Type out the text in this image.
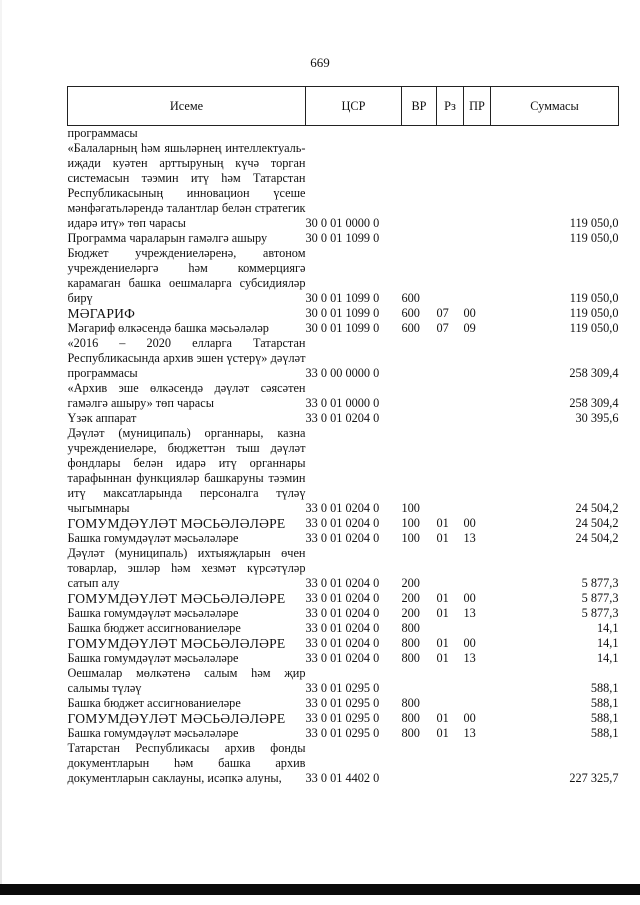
669
Исеме	ЦСР	ВР	Рз	ПР	Суммасы
программасы					
«Балаларның һәм яшьләрнең интеллектуаль-иҗади куәтен арттыруның күчә торган системасын тәэмин итү һәм Татарстан Республикасының инновацион үсеше мәнфәгатьләрендә талантлар белән стратегик идарә итү» төп чарасы	30 0 01 0000 0				119 050,0
Программа чараларын гамәлгә ашыру	30 0 01 1099 0				119 050,0
Бюджет учреждениеләренә, автоном учреждениеләргә һәм коммерциягә карамаган башка оешмаларга субсидияләр бирү	30 0 01 1099 0	600			119 050,0
МӘГАРИФ	30 0 01 1099 0	600	07	00	119 050,0
Мәгариф өлкәсендә башка мәсьәләләр	30 0 01 1099 0	600	07	09	119 050,0
«2016 – 2020 елларга Татарстан Республикасында архив эшен үстерү» дәүләт программасы	33 0 00 0000 0				258 309,4
«Архив эше өлкәсендә дәүләт сәясәтен гамәлгә ашыру» төп чарасы	33 0 01 0000 0				258 309,4
Үзәк аппарат	33 0 01 0204 0				30 395,6
Дәүләт (муниципаль) органнары, казна учреждениеләре, бюджеттән тыш дәүләт фондлары белән идарә итү органнары тарафыннан функцияләр башкаруны тәэмин итү максатларында персоналга түләү чыгымнары	33 0 01 0204 0	100			24 504,2
ГОМУМДӘҮЛӘТ МӘСЬӘЛӘЛӘРЕ	33 0 01 0204 0	100	01	00	24 504,2
Башка гомумдәүләт мәсьәләләре	33 0 01 0204 0	100	01	13	24 504,2
Дәүләт (муниципаль) ихтыяҗларын өчен товарлар, эшләр һәм хезмәт күрсәтүләр сатып алу	33 0 01 0204 0	200			5 877,3
ГОМУМДӘҮЛӘТ МӘСЬӘЛӘЛӘРЕ	33 0 01 0204 0	200	01	00	5 877,3
Башка гомумдәүләт мәсьәләләре	33 0 01 0204 0	200	01	13	5 877,3
Башка бюджет ассигнованиеләре	33 0 01 0204 0	800			14,1
ГОМУМДӘҮЛӘТ МӘСЬӘЛӘЛӘРЕ	33 0 01 0204 0	800	01	00	14,1
Башка гомумдәүләт мәсьәләләре	33 0 01 0204 0	800	01	13	14,1
Оешмалар мөлкәтенә салым һәм җир салымы түләү	33 0 01 0295 0				588,1
Башка бюджет ассигнованиеләре	33 0 01 0295 0	800			588,1
ГОМУМДӘҮЛӘТ МӘСЬӘЛӘЛӘРЕ	33 0 01 0295 0	800	01	00	588,1
Башка гомумдәүләт мәсьәләләре	33 0 01 0295 0	800	01	13	588,1
Татарстан Республикасы архив фонды документларын һәм башка архив документларын саклауны, исәпкә алуны,	33 0 01 4402 0				227 325,7
